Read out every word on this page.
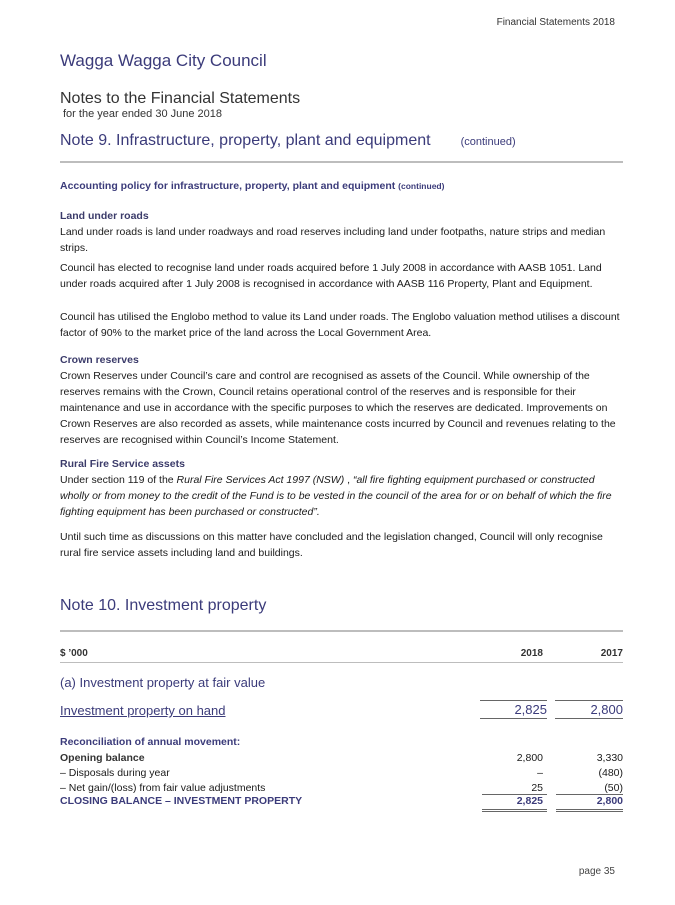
Financial Statements 2018
Wagga Wagga City Council
Notes to the Financial Statements
for the year ended 30 June 2018
Note 9. Infrastructure, property, plant and equipment	(continued)
Accounting policy for infrastructure, property, plant and equipment (continued)
Land under roads

Land under roads is land under roadways and road reserves including land under footpaths, nature strips and median strips.

Council has elected to recognise land under roads acquired before 1 July 2008 in accordance with AASB 1051. Land under roads acquired after 1 July 2008 is recognised in accordance with AASB 116 Property, Plant and Equipment.
Council has utilised the Englobo method to value its Land under roads. The Englobo valuation method utilises a discount factor of 90% to the market price of the land across the Local Government Area.
Crown reserves

Crown Reserves under Council’s care and control are recognised as assets of the Council. While ownership of the reserves remains with the Crown, Council retains operational control of the reserves and is responsible for their maintenance and use in accordance with the specific purposes to which the reserves are dedicated. Improvements on Crown Reserves are also recorded as assets, while maintenance costs incurred by Council and revenues relating to the reserves are recognised within Council’s Income Statement.

Rural Fire Service assets

Under section 119 of the Rural Fire Services Act 1997 (NSW) , “all fire fighting equipment purchased or constructed wholly or from money to the credit of the Fund is to be vested in the council of the area for or on behalf of which the fire fighting equipment has been purchased or constructed”.

Until such time as discussions on this matter have concluded and the legislation changed, Council will only recognise rural fire service assets including land and buildings.
Note 10. Investment property
$ ’000	2018	2017
(a) Investment property at fair value
Investment property on hand	2,825	2,800
Reconciliation of annual movement:
Opening balance	2,800	3,330
– Disposals during year	–	(480)
– Net gain/(loss) from fair value adjustments	25	(50)
CLOSING BALANCE – INVESTMENT PROPERTY	2,825	2,800
page 35
